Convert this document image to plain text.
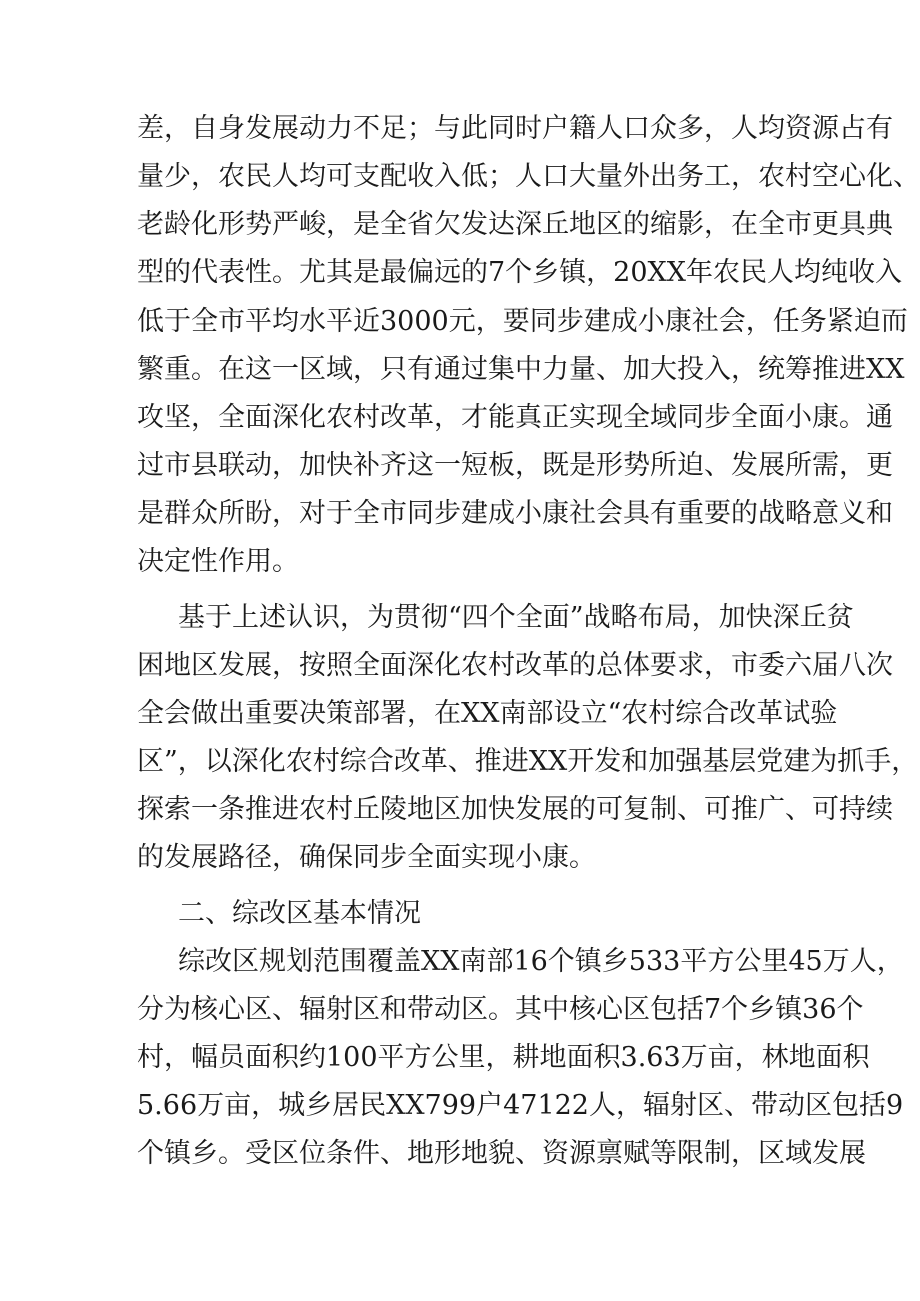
差，自身发展动力不足；与此同时户籍人口众多，人均资源占有
量少，农民人均可支配收入低；人口大量外出务工，农村空心化、
老龄化形势严峻，是全省欠发达深丘地区的缩影，在全市更具典
型的代表性。尤其是最偏远的7个乡镇，20XX年农民人均纯收入
低于全市平均水平近3000元，要同步建成小康社会，任务紧迫而
繁重。在这一区域，只有通过集中力量、加大投入，统筹推进XX
攻坚，全面深化农村改革，才能真正实现全域同步全面小康。通
过市县联动，加快补齐这一短板，既是形势所迫、发展所需，更
是群众所盼，对于全市同步建成小康社会具有重要的战略意义和
决定性作用。
基于上述认识，为贯彻“四个全面”战略布局，加快深丘贫
困地区发展，按照全面深化农村改革的总体要求，市委六届八次
全会做出重要决策部署，在XX南部设立“农村综合改革试验
区”，以深化农村综合改革、推进XX开发和加强基层党建为抓手，
探索一条推进农村丘陵地区加快发展的可复制、可推广、可持续
的发展路径，确保同步全面实现小康。
二、综改区基本情况
综改区规划范围覆盖XX南部16个镇乡533平方公里45万人，
分为核心区、辐射区和带动区。其中核心区包括7个乡镇36个
村，幅员面积约100平方公里，耕地面积3.63万亩，林地面积
5.66万亩，城乡居民XX799户47122人，辐射区、带动区包括9
个镇乡。受区位条件、地形地貌、资源禀赋等限制，区域发展
